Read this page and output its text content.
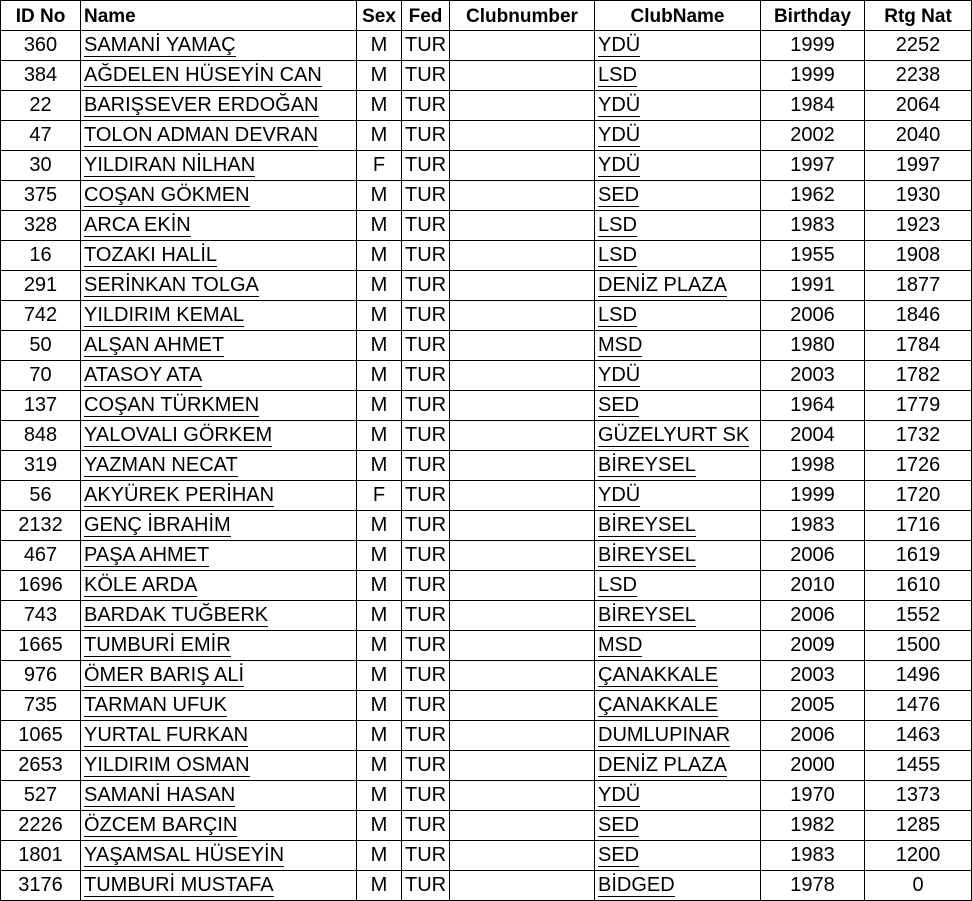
ID No	Name	Sex	Fed	Clubnumber	ClubName	Birthday	Rtg Nat
360	SAMANİ YAMAÇ	M	TUR		YDÜ	1999	2252
384	AĞDELEN HÜSEYİN CAN	M	TUR		LSD	1999	2238
22	BARIŞSEVER ERDOĞAN	M	TUR		YDÜ	1984	2064
47	TOLON ADMAN DEVRAN	M	TUR		YDÜ	2002	2040
30	YILDIRAN NİLHAN	F	TUR		YDÜ	1997	1997
375	COŞAN GÖKMEN	M	TUR		SED	1962	1930
328	ARCA EKİN	M	TUR		LSD	1983	1923
16	TOZAKI HALİL	M	TUR		LSD	1955	1908
291	SERİNKAN TOLGA	M	TUR		DENİZ PLAZA	1991	1877
742	YILDIRIM KEMAL	M	TUR		LSD	2006	1846
50	ALŞAN AHMET	M	TUR		MSD	1980	1784
70	ATASOY ATA	M	TUR		YDÜ	2003	1782
137	COŞAN TÜRKMEN	M	TUR		SED	1964	1779
848	YALOVALI GÖRKEM	M	TUR		GÜZELYURT SK	2004	1732
319	YAZMAN NECAT	M	TUR		BİREYSEL	1998	1726
56	AKYÜREK PERİHAN	F	TUR		YDÜ	1999	1720
2132	GENÇ İBRAHİM	M	TUR		BİREYSEL	1983	1716
467	PAŞA AHMET	M	TUR		BİREYSEL	2006	1619
1696	KÖLE ARDA	M	TUR		LSD	2010	1610
743	BARDAK TUĞBERK	M	TUR		BİREYSEL	2006	1552
1665	TUMBURİ EMİR	M	TUR		MSD	2009	1500
976	ÖMER BARIŞ ALİ	M	TUR		ÇANAKKALE	2003	1496
735	TARMAN UFUK	M	TUR		ÇANAKKALE	2005	1476
1065	YURTAL FURKAN	M	TUR		DUMLUPINAR	2006	1463
2653	YILDIRIM OSMAN	M	TUR		DENİZ PLAZA	2000	1455
527	SAMANİ HASAN	M	TUR		YDÜ	1970	1373
2226	ÖZCEM BARÇIN	M	TUR		SED	1982	1285
1801	YAŞAMSAL HÜSEYİN	M	TUR		SED	1983	1200
3176	TUMBURİ MUSTAFA	M	TUR		BİDGED	1978	0
